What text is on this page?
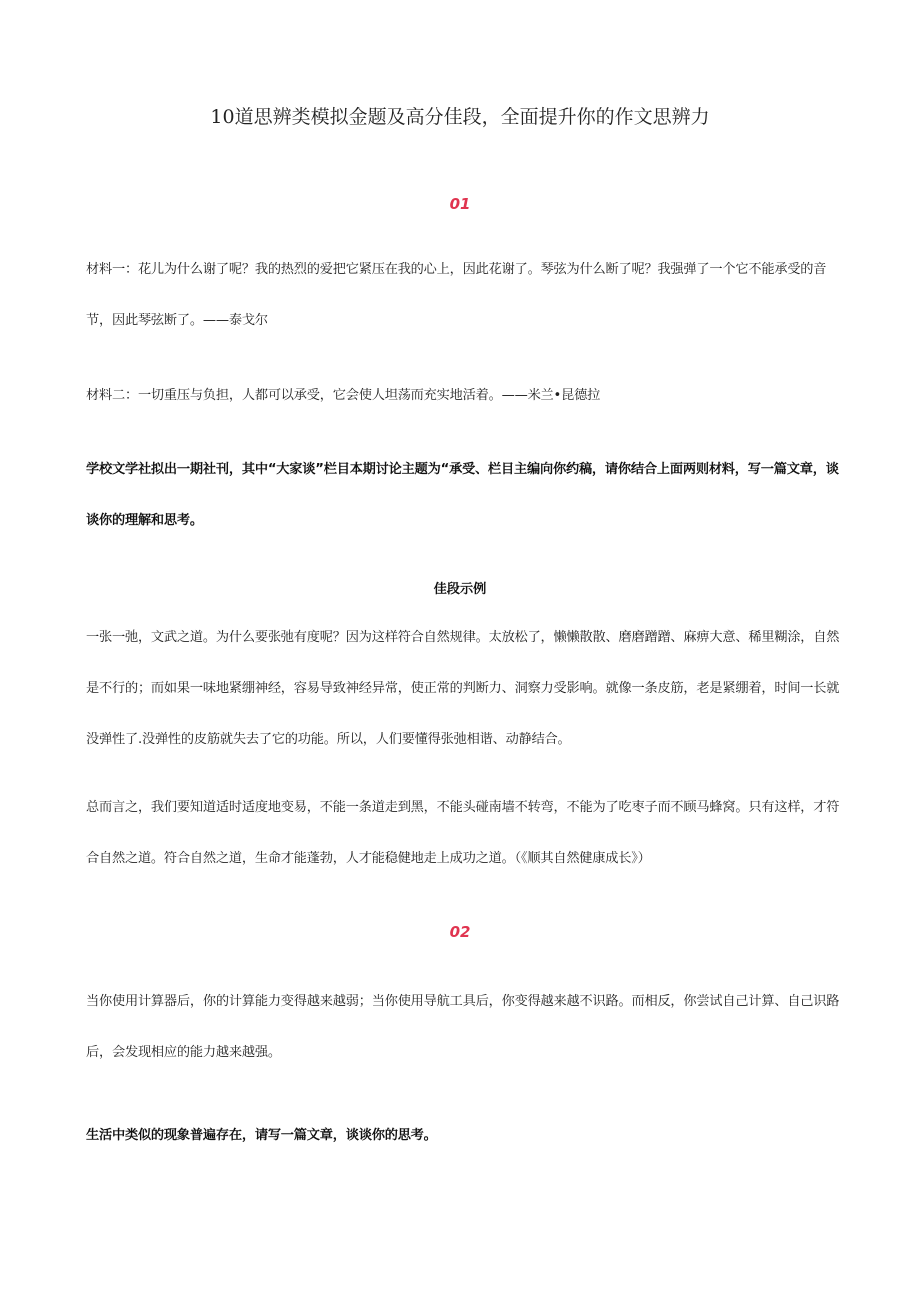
10道思辨类模拟金题及高分佳段，全面提升你的作文思辨力
01

材料一：花儿为什么谢了呢？我的热烈的爱把它紧压在我的心上，因此花谢了。琴弦为什么断了呢？我强弹了一个它不能承受的音节，因此琴弦断了。——泰戈尔

材料二：一切重压与负担，人都可以承受，它会使人坦荡而充实地活着。——米兰•昆德拉

学校文学社拟出一期社刊，其中“大家谈”栏目本期讨论主题为“承受、栏目主编向你约稿，请你结合上面两则材料，写一篇文章，谈谈你的理解和思考。

佳段示例

一张一弛，文武之道。为什么要张弛有度呢？因为这样符合自然规律。太放松了，懒懒散散、磨磨蹭蹭、麻痹大意、稀里糊涂，自然是不行的；而如果一味地紧绷神经，容易导致神经异常，使正常的判断力、洞察力受影响。就像一条皮筋，老是紧绷着，时间一长就没弹性了.没弹性的皮筋就失去了它的功能。所以，人们要懂得张弛相谐、动静结合。

总而言之，我们要知道适时适度地变易，不能一条道走到黑，不能头碰南墙不转弯，不能为了吃枣子而不顾马蜂窝。只有这样，才符合自然之道。符合自然之道，生命才能蓬勃，人才能稳健地走上成功之道。（《顺其自然健康成长》）

02

当你使用计算器后，你的计算能力变得越来越弱；当你使用导航工具后，你变得越来越不识路。而相反，你尝试自己计算、自己识路后，会发现相应的能力越来越强。

生活中类似的现象普遍存在，请写一篇文章，谈谈你的思考。
